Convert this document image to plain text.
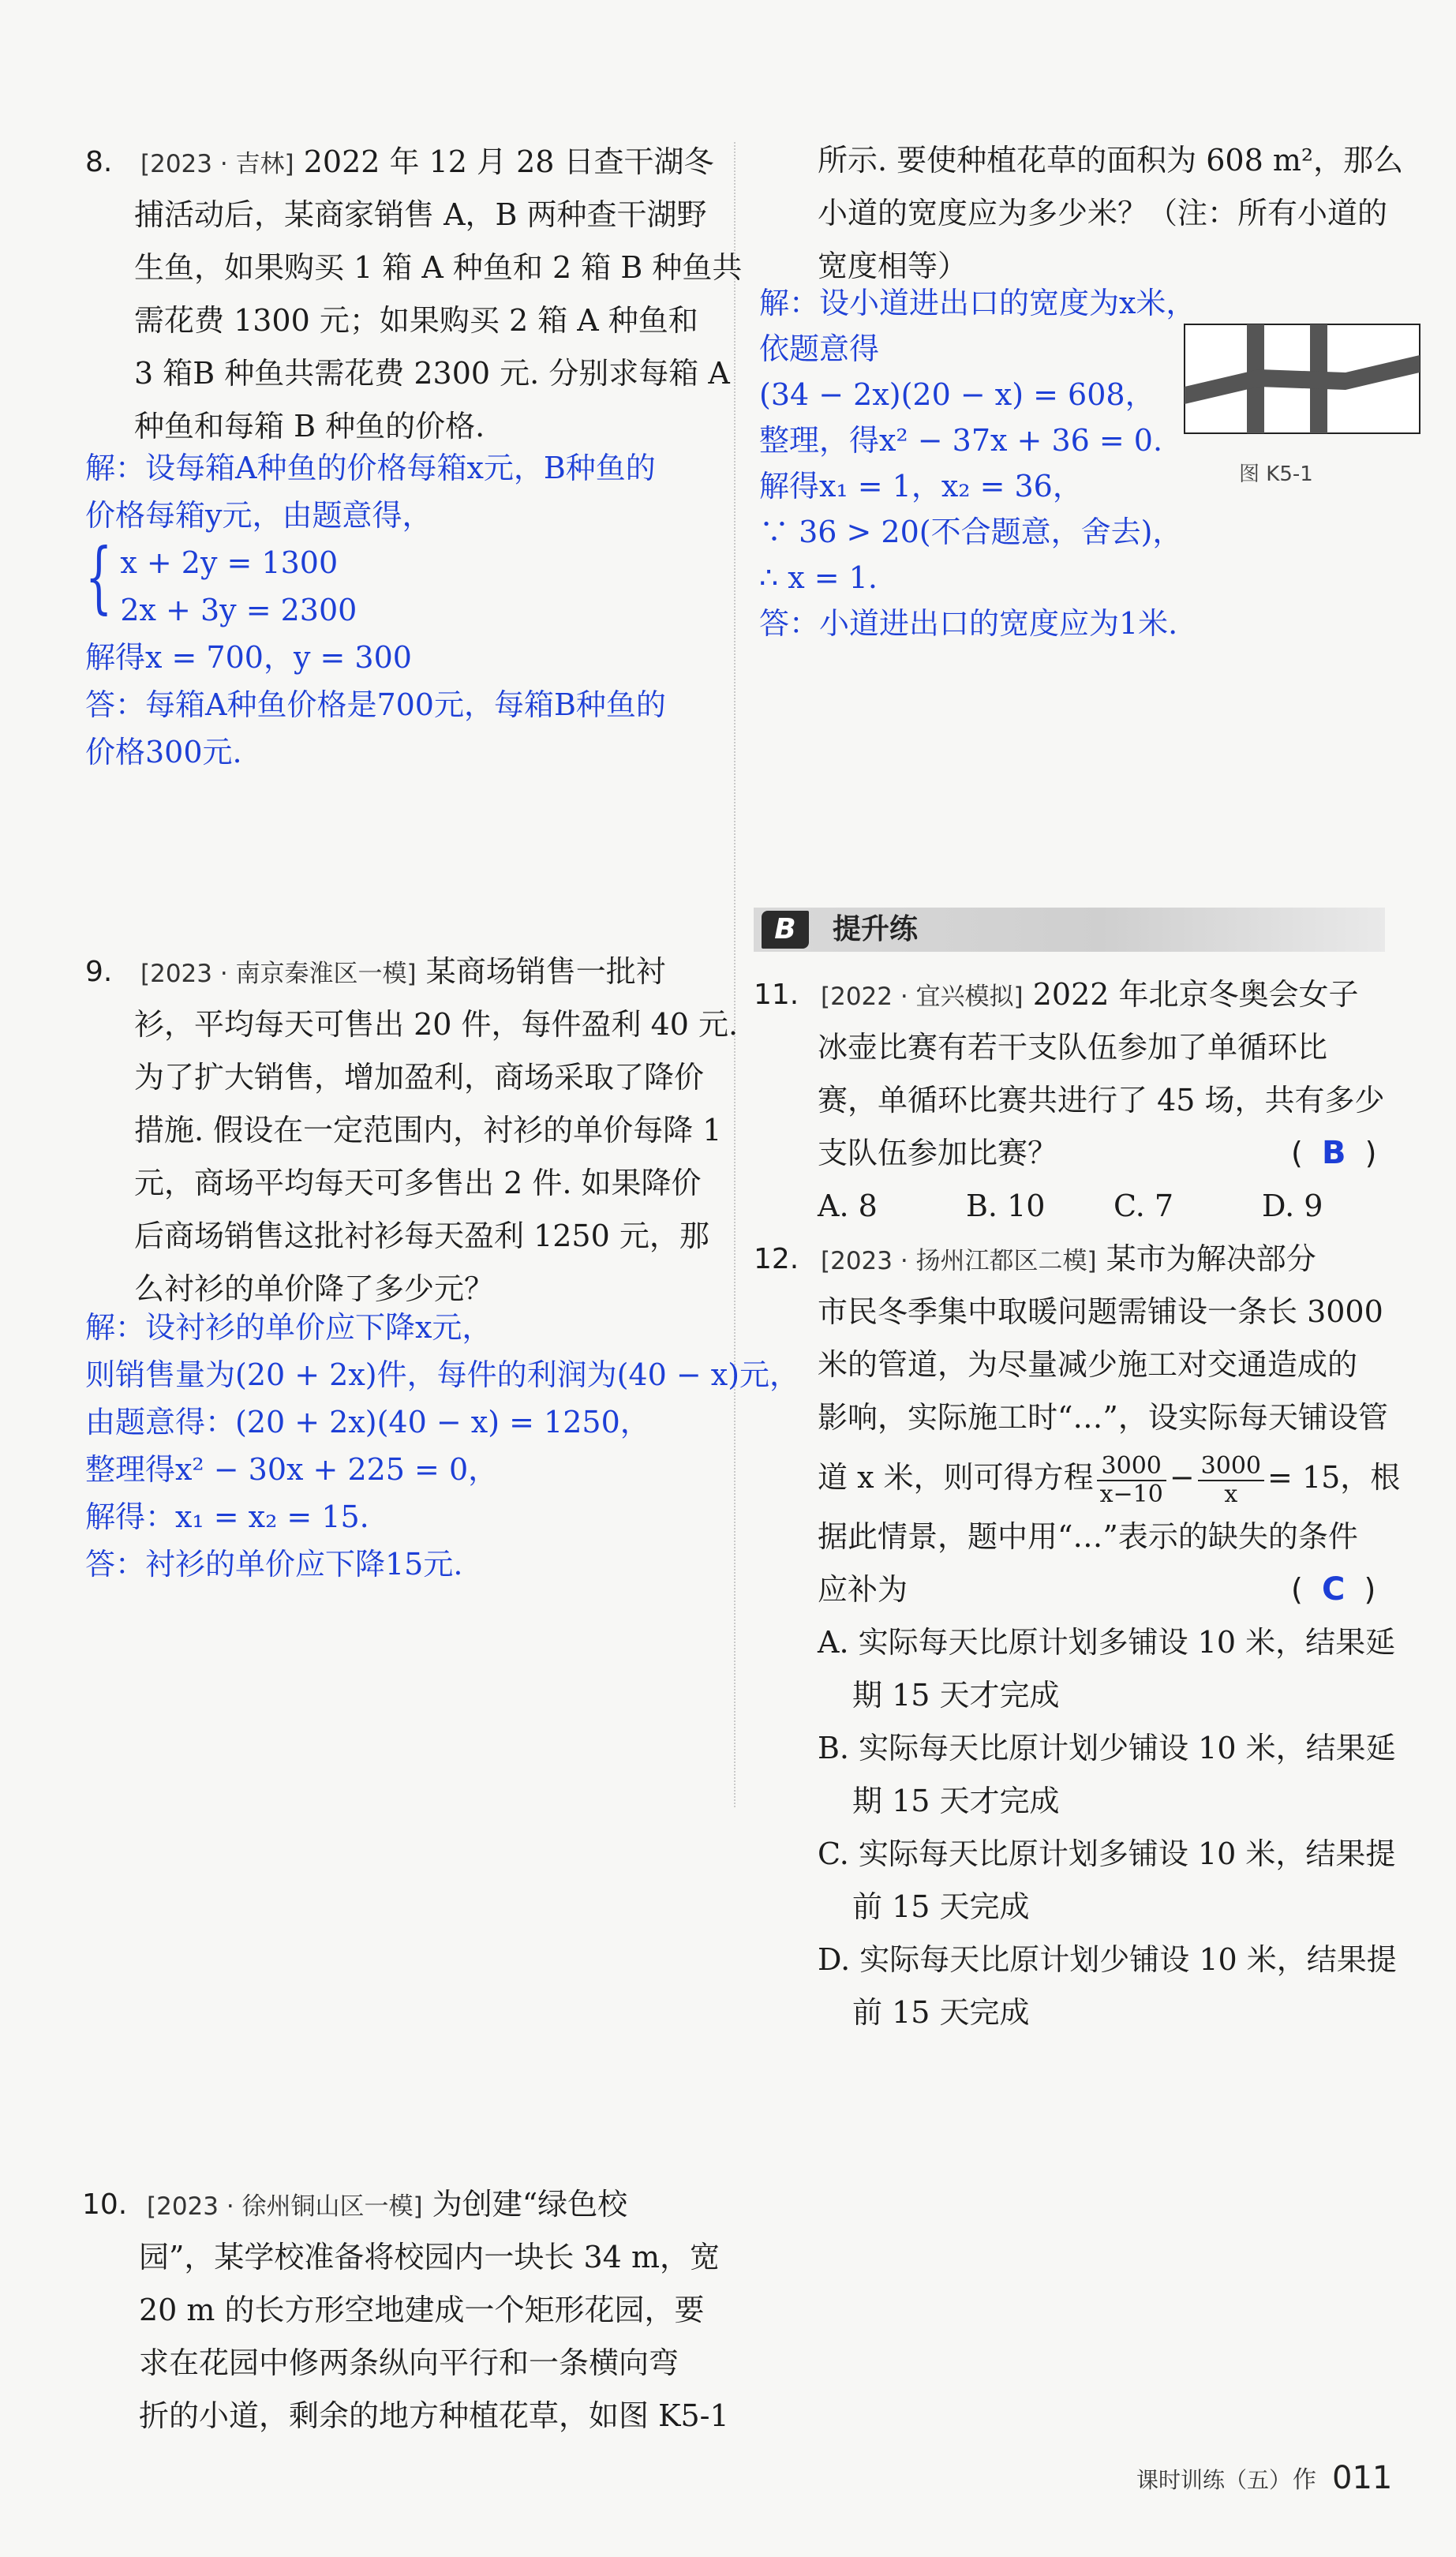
8. [2023 · 吉林] 2022 年 12 月 28 日查干湖冬
捕活动后，某商家销售 A，B 两种查干湖野
生鱼，如果购买 1 箱 A 种鱼和 2 箱 B 种鱼共
需花费 1300 元；如果购买 2 箱 A 种鱼和
3 箱B 种鱼共需花费 2300 元. 分别求每箱 A
种鱼和每箱 B 种鱼的价格.
解：设每箱A种鱼的价格每箱x元，B种鱼的
价格每箱y元，由题意得，
{ x + 2y = 1300
2x + 3y = 2300
解得x = 700，y = 300
答：每箱A种鱼价格是700元，每箱B种鱼的
价格300元.
9. [2023 · 南京秦淮区一模] 某商场销售一批衬
衫，平均每天可售出 20 件，每件盈利 40 元.
为了扩大销售，增加盈利，商场采取了降价
措施. 假设在一定范围内，衬衫的单价每降 1
元，商场平均每天可多售出 2 件. 如果降价
后商场销售这批衬衫每天盈利 1250 元，那
么衬衫的单价降了多少元？
解：设衬衫的单价应下降x元，
则销售量为(20 + 2x)件，每件的利润为(40 − x)元，
由题意得：(20 + 2x)(40 − x) = 1250，
整理得x² − 30x + 225 = 0，
解得：x₁ = x₂ = 15.
答：衬衫的单价应下降15元.
10. [2023 · 徐州铜山区一模] 为创建“绿色校
园”，某学校准备将校园内一块长 34 m，宽
20 m 的长方形空地建成一个矩形花园，要
求在花园中修两条纵向平行和一条横向弯
折的小道，剩余的地方种植花草，如图 K5-1
所示. 要使种植花草的面积为 608 m²，那么
小道的宽度应为多少米？（注：所有小道的
宽度相等）
解：设小道进出口的宽度为x米，
依题意得
(34 − 2x)(20 − x) = 608，
整理，得x² − 37x + 36 = 0.
解得x₁ = 1，x₂ = 36，
∵ 36 > 20(不合题意，舍去)，
∴ x = 1.
答：小道进出口的宽度应为1米.
图 K5-1
B	提升练
11. [2022 · 宜兴模拟] 2022 年北京冬奥会女子
冰壶比赛有若干支队伍参加了单循环比
赛，单循环比赛共进行了 45 场，共有多少
支队伍参加比赛？	(  B  )
A. 8	B. 10 C. 7	D. 9
12. [2023 · 扬州江都区二模] 某市为解决部分
市民冬季集中取暖问题需铺设一条长 3000
米的管道，为尽量减少施工对交通造成的
影响，实际施工时“…”，设实际每天铺设管
道 x 米，则可得方程 $\frac{3000}{x-10} - \frac{3000}{x} = 15$，根
据此情景，题中用“…”表示的缺失的条件
应补为	(  C  )
A. 实际每天比原计划多铺设 10 米，结果延
期 15 天才完成
B. 实际每天比原计划少铺设 10 米，结果延
期 15 天才完成
C. 实际每天比原计划多铺设 10 米，结果提
前 15 天完成
D. 实际每天比原计划少铺设 10 米，结果提
前 15 天完成
课时训练（五） 作 011
